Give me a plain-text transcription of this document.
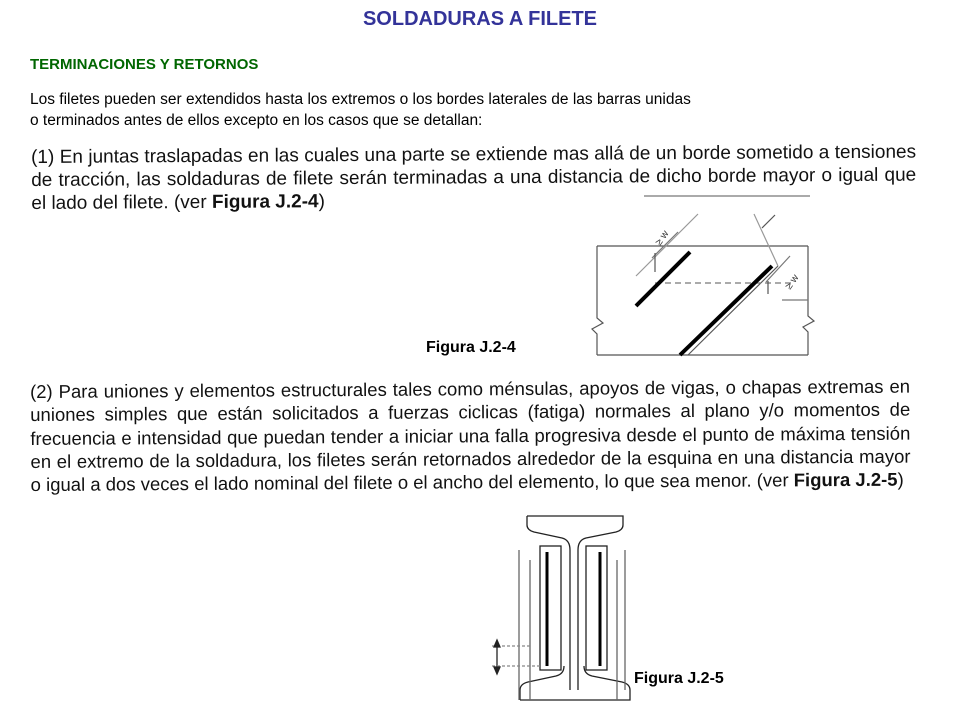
SOLDADURAS A FILETE
TERMINACIONES Y RETORNOS
Los filetes pueden ser extendidos hasta los extremos o los bordes laterales de las barras unidas
o terminados antes de ellos excepto en los casos que se detallan:
(1) En juntas traslapadas en las cuales una parte se extiende mas allá de un borde sometido a tensiones de tracción, las soldaduras de filete serán terminadas a una distancia de dicho borde mayor o igual que el lado del filete. (ver Figura J.2-4)
≥ w
≥ w
Figura J.2-4
(2) Para uniones y elementos estructurales tales como ménsulas, apoyos de vigas, o chapas extremas en uniones simples que están solicitados a fuerzas ciclicas (fatiga) normales al plano y/o momentos de frecuencia e intensidad que puedan tender a iniciar una falla progresiva desde el punto de máxima tensión en el extremo de la soldadura, los filetes serán retornados alrededor de la esquina en una distancia mayor o igual a dos veces el lado nominal del filete o el ancho del elemento, lo que sea menor. (ver Figura J.2-5)
Figura J.2-5
